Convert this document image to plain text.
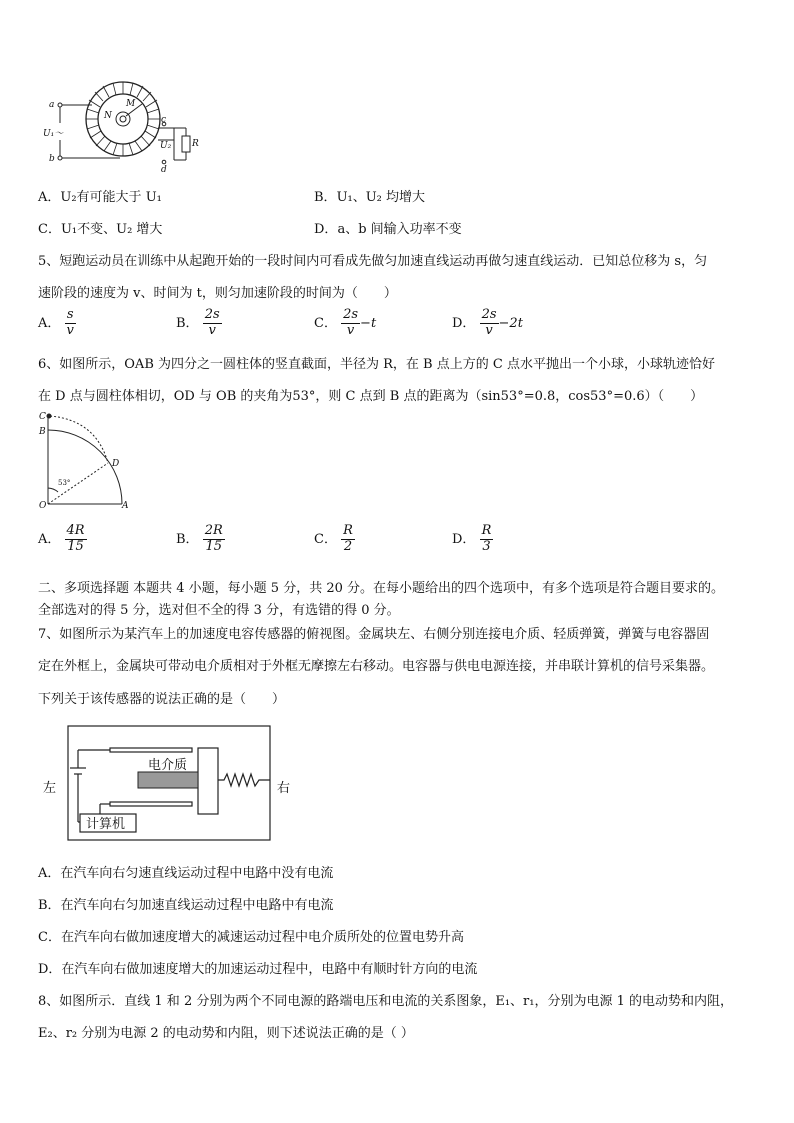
a
b
U₁～
M
N	c
d
U₂ R
A．U₂有可能大于 U₁	B．U₁、U₂ 均增大
C．U₁不变、U₂ 增大	D．a、b 间输入功率不变
5、短跑运动员在训练中从起跑开始的一段时间内可看成先做匀加速直线运动再做匀速直线运动．已知总位移为 s，匀
速阶段的速度为 v、时间为 t，则匀加速阶段的时间为（　　）
A． $\frac{s}{v}$	B． $\frac{2s}{v}$	C． $\frac{2s}{v} -t$	D． $\frac{2s}{v} -2t$
6、如图所示，OAB 为四分之一圆柱体的竖直截面，半径为 R，在 B 点上方的 C 点水平抛出一个小球，小球轨迹恰好
在 D 点与圆柱体相切，OD 与 OB 的夹角为53°，则 C 点到 B 点的距离为（sin53°=0.8，cos53°=0.6）（　　）
C
B
D
O	A
53°
A． $\frac{4R}{15}$	B． $\frac{2R}{15}$	C． $\frac{R}{2}$	D． $\frac{R}{3}$
二、多项选择题 本题共 4 小题，每小题 5 分，共 20 分。在每小题给出的四个选项中，有多个选项是符合题目要求的。
全部选对的得 5 分，选对但不全的得 3 分，有选错的得 0 分。
7、如图所示为某汽车上的加速度电容传感器的俯视图。金属块左、右侧分别连接电介质、轻质弹簧，弹簧与电容器固
定在外框上，金属块可带动电介质相对于外框无摩擦左右移动。电容器与供电电源连接，并串联计算机的信号采集器。
下列关于该传感器的说法正确的是（　　）
左	右
电介质
计算机
A．在汽车向右匀速直线运动过程中电路中没有电流
B．在汽车向右匀加速直线运动过程中电路中有电流
C．在汽车向右做加速度增大的减速运动过程中电介质所处的位置电势升高
D．在汽车向右做加速度增大的加速运动过程中，电路中有顺时针方向的电流
8、如图所示．直线 1 和 2 分别为两个不同电源的路端电压和电流的关系图象，E₁、r₁，分别为电源 1 的电动势和内阻，
E₂、r₂ 分别为电源 2 的电动势和内阻，则下述说法正确的是（ ）
